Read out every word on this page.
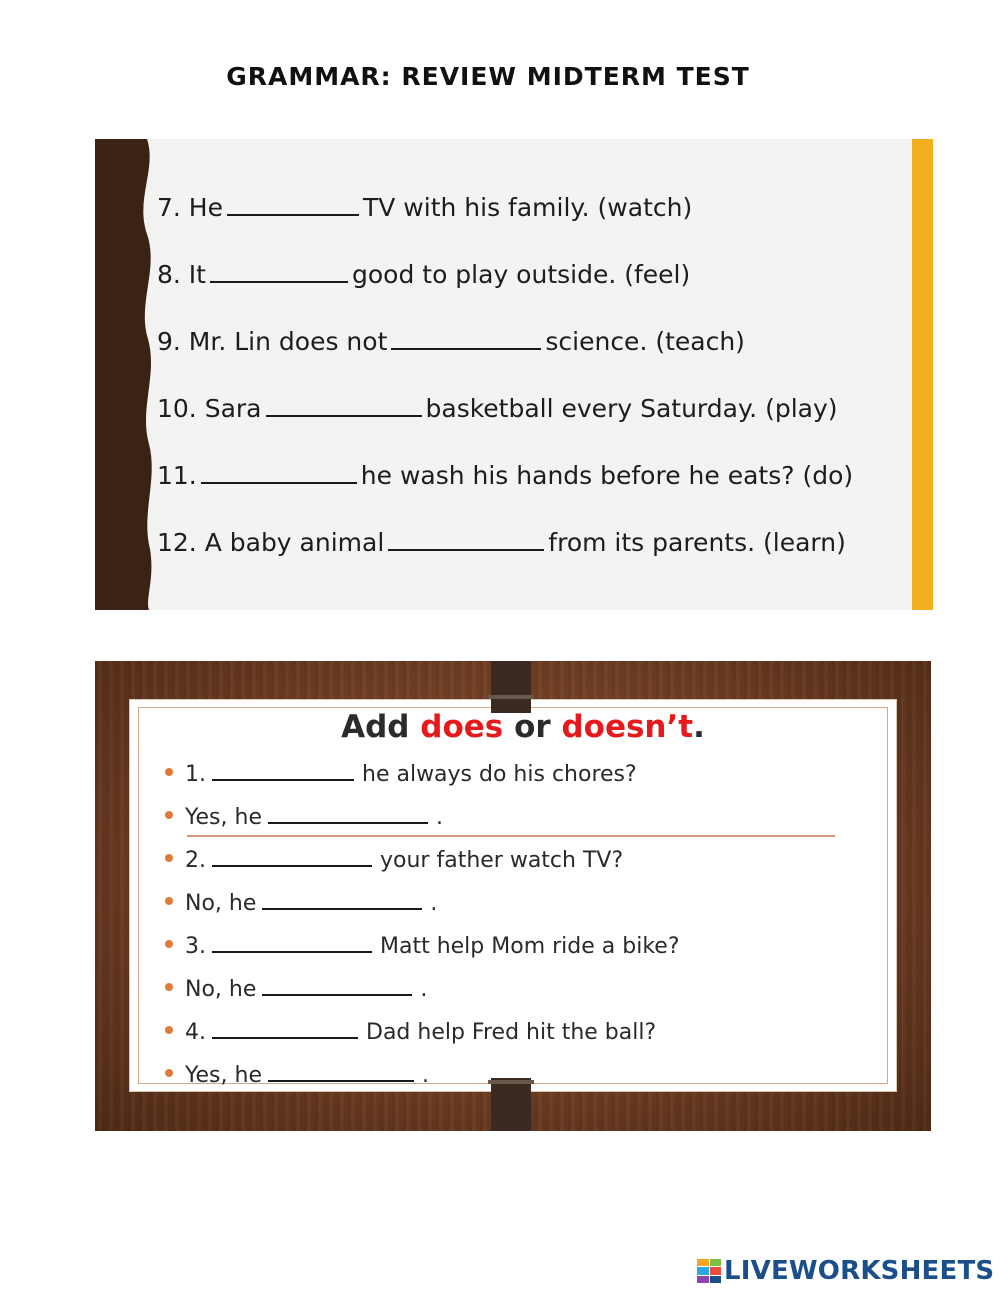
GRAMMAR: REVIEW MIDTERM TEST
7. He	TV with his family. (watch)
8. It	good to play outside. (feel)
9. Mr. Lin does not	science. (teach)
10. Sara	basketball every Saturday. (play)
11.	he wash his hands before he eats? (do)
12. A baby animal	from its parents. (learn)
Add does or doesn’t.
1.	he always do his chores?
Yes, he	.
2.	your father watch TV?
No, he	.
3.	Matt help Mom ride a bike?
No, he	.
4.	Dad help Fred hit the ball?
Yes, he	.
LIVEWORKSHEETS
